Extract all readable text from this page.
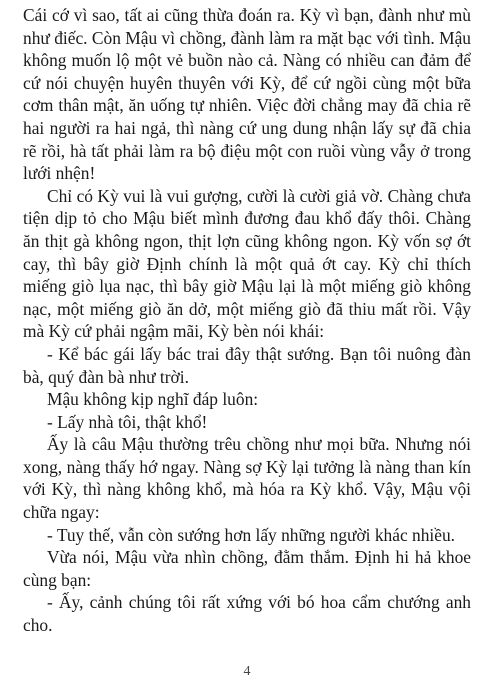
Cái cớ vì sao, tất ai cũng thừa đoán ra. Kỳ vì bạn, đành như mù như điếc. Còn Mậu vì chồng, đành làm ra mặt bạc với tình. Mậu không muốn lộ một vẻ buồn nào cả. Nàng có nhiều can đảm để cứ nói chuyện huyên thuyên với Kỳ, để cứ ngồi cùng một bữa cơm thân mật, ăn uống tự nhiên. Việc đời chẳng may đã chia rẽ hai người ra hai ngả, thì nàng cứ ung dung nhận lấy sự đã chia rẽ rồi, hà tất phải làm ra bộ điệu một con ruồi vùng vẫy ở trong lưới nhện!

Chỉ có Kỳ vui là vui gượng, cười là cười giả vờ. Chàng chưa tiện dịp tỏ cho Mậu biết mình đương đau khổ đấy thôi. Chàng ăn thịt gà không ngon, thịt lợn cũng không ngon. Kỳ vốn sợ ớt cay, thì bây giờ Định chính là một quả ớt cay. Kỳ chỉ thích miếng giò lụa nạc, thì bây giờ Mậu lại là một miếng giò không nạc, một miếng giò ăn dở, một miếng giò đã thiu mất rồi. Vậy mà Kỳ cứ phải ngậm mãi, Kỳ bèn nói khái:

- Kể bác gái lấy bác trai đây thật sướng. Bạn tôi nuông đàn bà, quý đàn bà như trời.

Mậu không kịp nghĩ đáp luôn:

- Lấy nhà tôi, thật khổ!

Ấy là câu Mậu thường trêu chồng như mọi bữa. Nhưng nói xong, nàng thấy hớ ngay. Nàng sợ Kỳ lại tưởng là nàng than kín với Kỳ, thì nàng không khổ, mà hóa ra Kỳ khổ. Vậy, Mậu vội chữa ngay:

- Tuy thế, vẫn còn sướng hơn lấy những người khác nhiều.

Vừa nói, Mậu vừa nhìn chồng, đằm thắm. Định hi hả khoe cùng bạn:

- Ấy, cảnh chúng tôi rất xứng với bó hoa cẩm chướng anh cho.

4
